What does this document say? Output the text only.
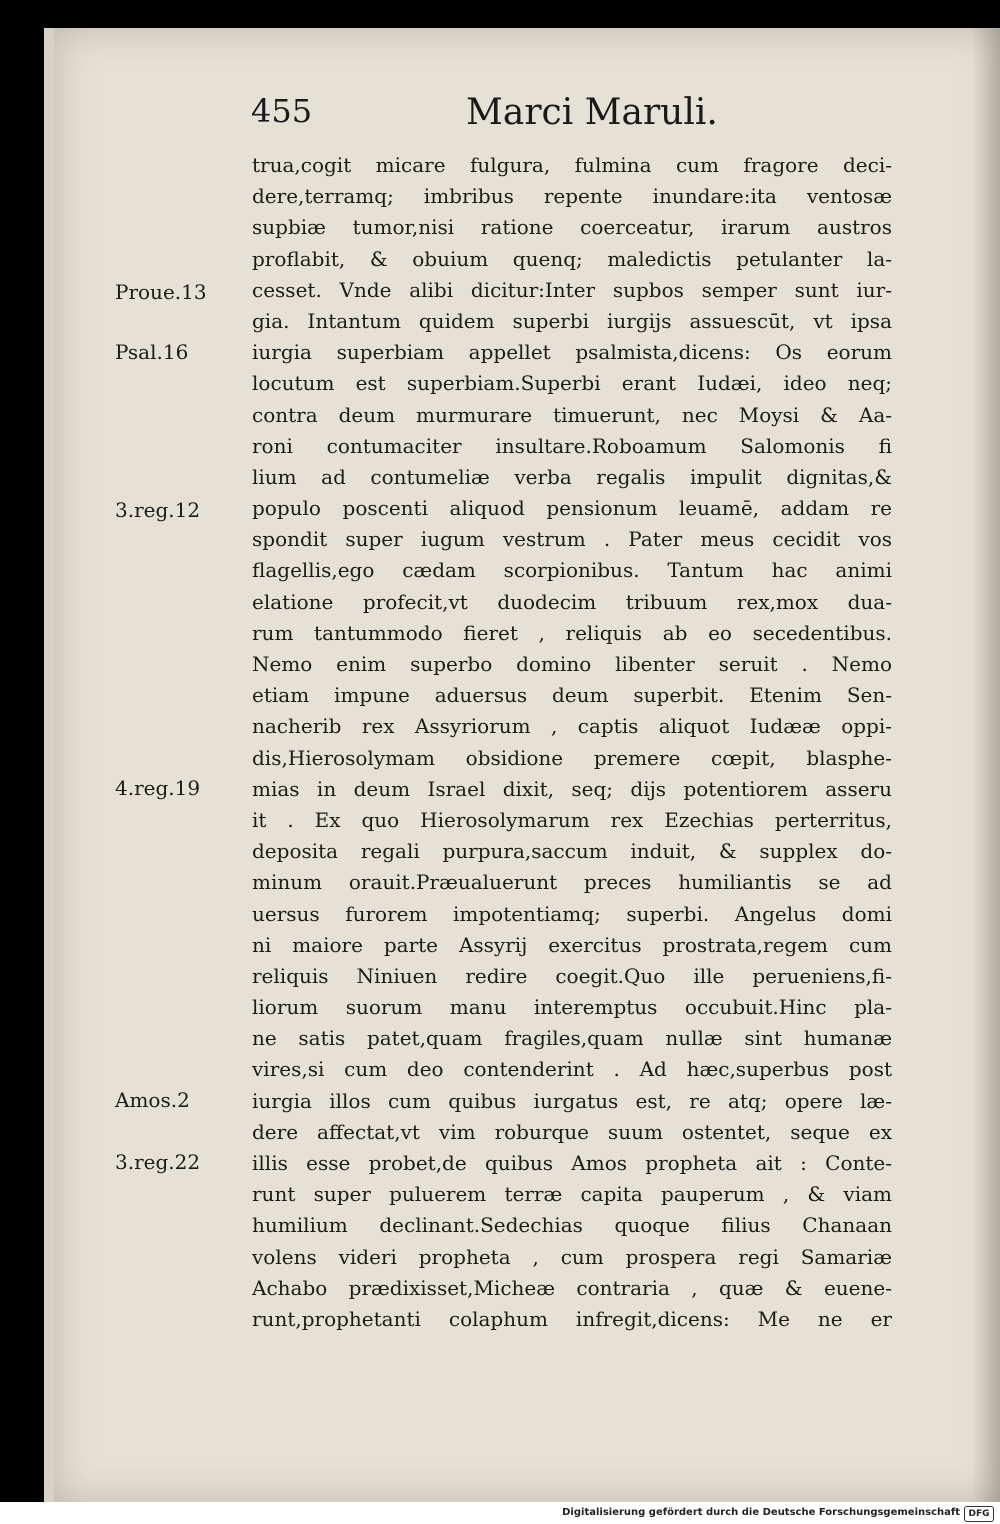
455	Marci Maruli.
trua,cogit micare fulgura, fulmina cum fragore deci-
dere,terramq; imbribus repente inundare:ita ventosæ
supbiæ tumor,nisi ratione coerceatur, irarum austros
proflabit, & obuium quenq; maledictis petulanter la-
cesset. Vnde alibi dicitur:Inter supbos semper sunt iur-
gia. Intantum quidem superbi iurgijs assuescūt, vt ipsa
iurgia superbiam appellet psalmista,dicens: Os eorum
locutum est superbiam.Superbi erant Iudæi, ideo neq;
contra deum murmurare timuerunt, nec Moysi & Aa-
roni contumaciter insultare.Roboamum Salomonis fi
lium ad contumeliæ verba regalis impulit dignitas,&
populo poscenti aliquod pensionum leuamē, addam re
spondit super iugum vestrum . Pater meus cecidit vos
flagellis,ego cædam scorpionibus. Tantum hac animi
elatione profecit,vt duodecim tribuum rex,mox dua-
rum tantummodo fieret , reliquis ab eo secedentibus.
Nemo enim superbo domino libenter seruit . Nemo
etiam impune aduersus deum superbit. Etenim Sen-
nacherib rex Assyriorum , captis aliquot Iudææ oppi-
dis,Hierosolymam obsidione premere cœpit, blasphe-
mias in deum Israel dixit, seq; dijs potentiorem asseru
it . Ex quo Hierosolymarum rex Ezechias perterritus,
deposita regali purpura,saccum induit, & supplex do-
minum orauit.Præualuerunt preces humiliantis se ad
uersus furorem impotentiamq; superbi. Angelus domi
ni maiore parte Assyrij exercitus prostrata,regem cum
reliquis Niniuen redire coegit.Quo ille perueniens,fi-
liorum suorum manu interemptus occubuit.Hinc pla-
ne satis patet,quam fragiles,quam nullæ sint humanæ
vires,si cum deo contenderint . Ad hæc,superbus post
iurgia illos cum quibus iurgatus est, re atq; opere læ-
dere affectat,vt vim roburque suum ostentet, seque ex
illis esse probet,de quibus Amos propheta ait : Conte-
runt super puluerem terræ capita pauperum , & viam
humilium declinant.Sedechias quoque filius Chanaan
volens videri propheta , cum prospera regi Samariæ
Achabo prædixisset,Micheæ contraria , quæ & euene-
runt,prophetanti colaphum infregit,dicens: Me ne er
Prouе.13
Psal.16
3.reg.12
4.reg.19
Amos.2
3.reg.22
Digitalisierung gefördert durch die Deutsche Forschungsgemeinschaft DFG
